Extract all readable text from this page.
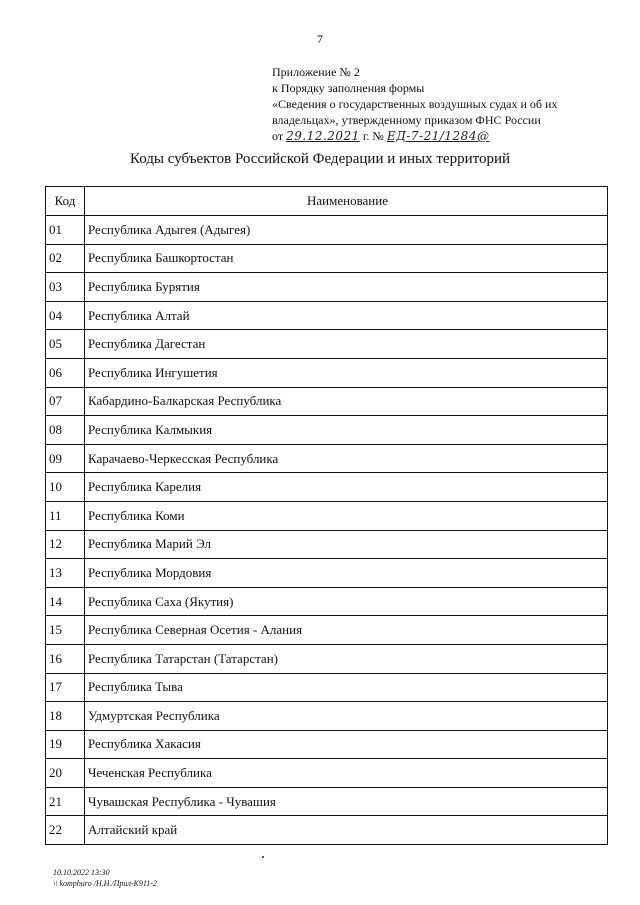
7
Приложение № 2
к Порядку заполнения формы
«Сведения о государственных воздушных судах и об их
владельцах», утвержденному приказом ФНС России
от 29.12.2021 г. № ЕД-7-21/1284@
Коды субъектов Российской Федерации и иных территорий
Код	Наименование
01	Республика Адыгея (Адыгея)
02	Республика Башкортостан
03	Республика Бурятия
04	Республика Алтай
05	Республика Дагестан
06	Республика Ингушетия
07	Кабардино-Балкарская Республика
08	Республика Калмыкия
09	Карачаево-Черкесская Республика
10	Республика Карелия
11	Республика Коми
12	Республика Марий Эл
13	Республика Мордовия
14	Республика Саха (Якутия)
15	Республика Северная Осетия - Алания
16	Республика Татарстан (Татарстан)
17	Республика Тыва
18	Удмуртская Республика
19	Республика Хакасия
20	Чеченская Республика
21	Чувашская Республика - Чувашия
22	Алтайский край
10.10.2022 13:30
\\ kompburo /Н.Н./Прил-К911-2
